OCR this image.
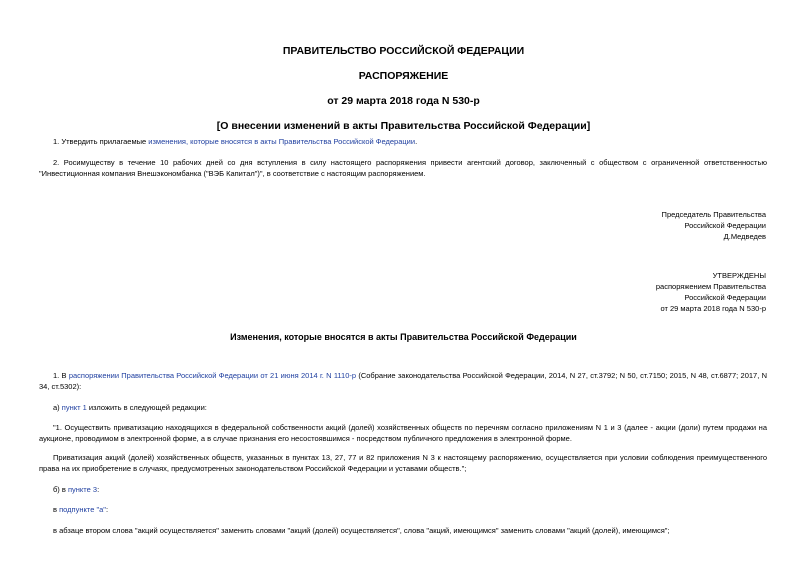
ПРАВИТЕЛЬСТВО РОССИЙСКОЙ ФЕДЕРАЦИИ
РАСПОРЯЖЕНИЕ
от 29 марта 2018 года N 530-р
[О внесении изменений в акты Правительства Российской Федерации]
1. Утвердить прилагаемые изменения, которые вносятся в акты Правительства Российской Федерации.
2. Росимуществу в течение 10 рабочих дней со дня вступления в силу настоящего распоряжения привести агентский договор, заключенный с обществом с ограниченной ответственностью "Инвестиционная компания Внешэкономбанка ("ВЭБ Капитал")", в соответствие с настоящим распоряжением.
Председатель Правительства
Российской Федерации
Д.Медведев
УТВЕРЖДЕНЫ
распоряжением Правительства
Российской Федерации
от 29 марта 2018 года N 530-р
Изменения, которые вносятся в акты Правительства Российской Федерации
1. В распоряжении Правительства Российской Федерации от 21 июня 2014 г. N 1110-р (Собрание законодательства Российской Федерации, 2014, N 27, ст.3792; N 50, ст.7150; 2015, N 48, ст.6877; 2017, N 34, ст.5302):
а) пункт 1 изложить в следующей редакции:
"1. Осуществить приватизацию находящихся в федеральной собственности акций (долей) хозяйственных обществ по перечням согласно приложениям N 1 и 3 (далее - акции (доли) путем продажи на аукционе, проводимом в электронной форме, а в случае признания его несостоявшимся - посредством публичного предложения в электронной форме.
Приватизация акций (долей) хозяйственных обществ, указанных в пунктах 13, 27, 77 и 82 приложения N 3 к настоящему распоряжению, осуществляется при условии соблюдения преимущественного права на их приобретение в случаях, предусмотренных законодательством Российской Федерации и уставами обществ.";
б) в пункте 3:
в подпункте "а":
в абзаце втором слова "акций осуществляется" заменить словами "акций (долей) осуществляется", слова "акций, имеющимся" заменить словами "акций (долей), имеющимся";
